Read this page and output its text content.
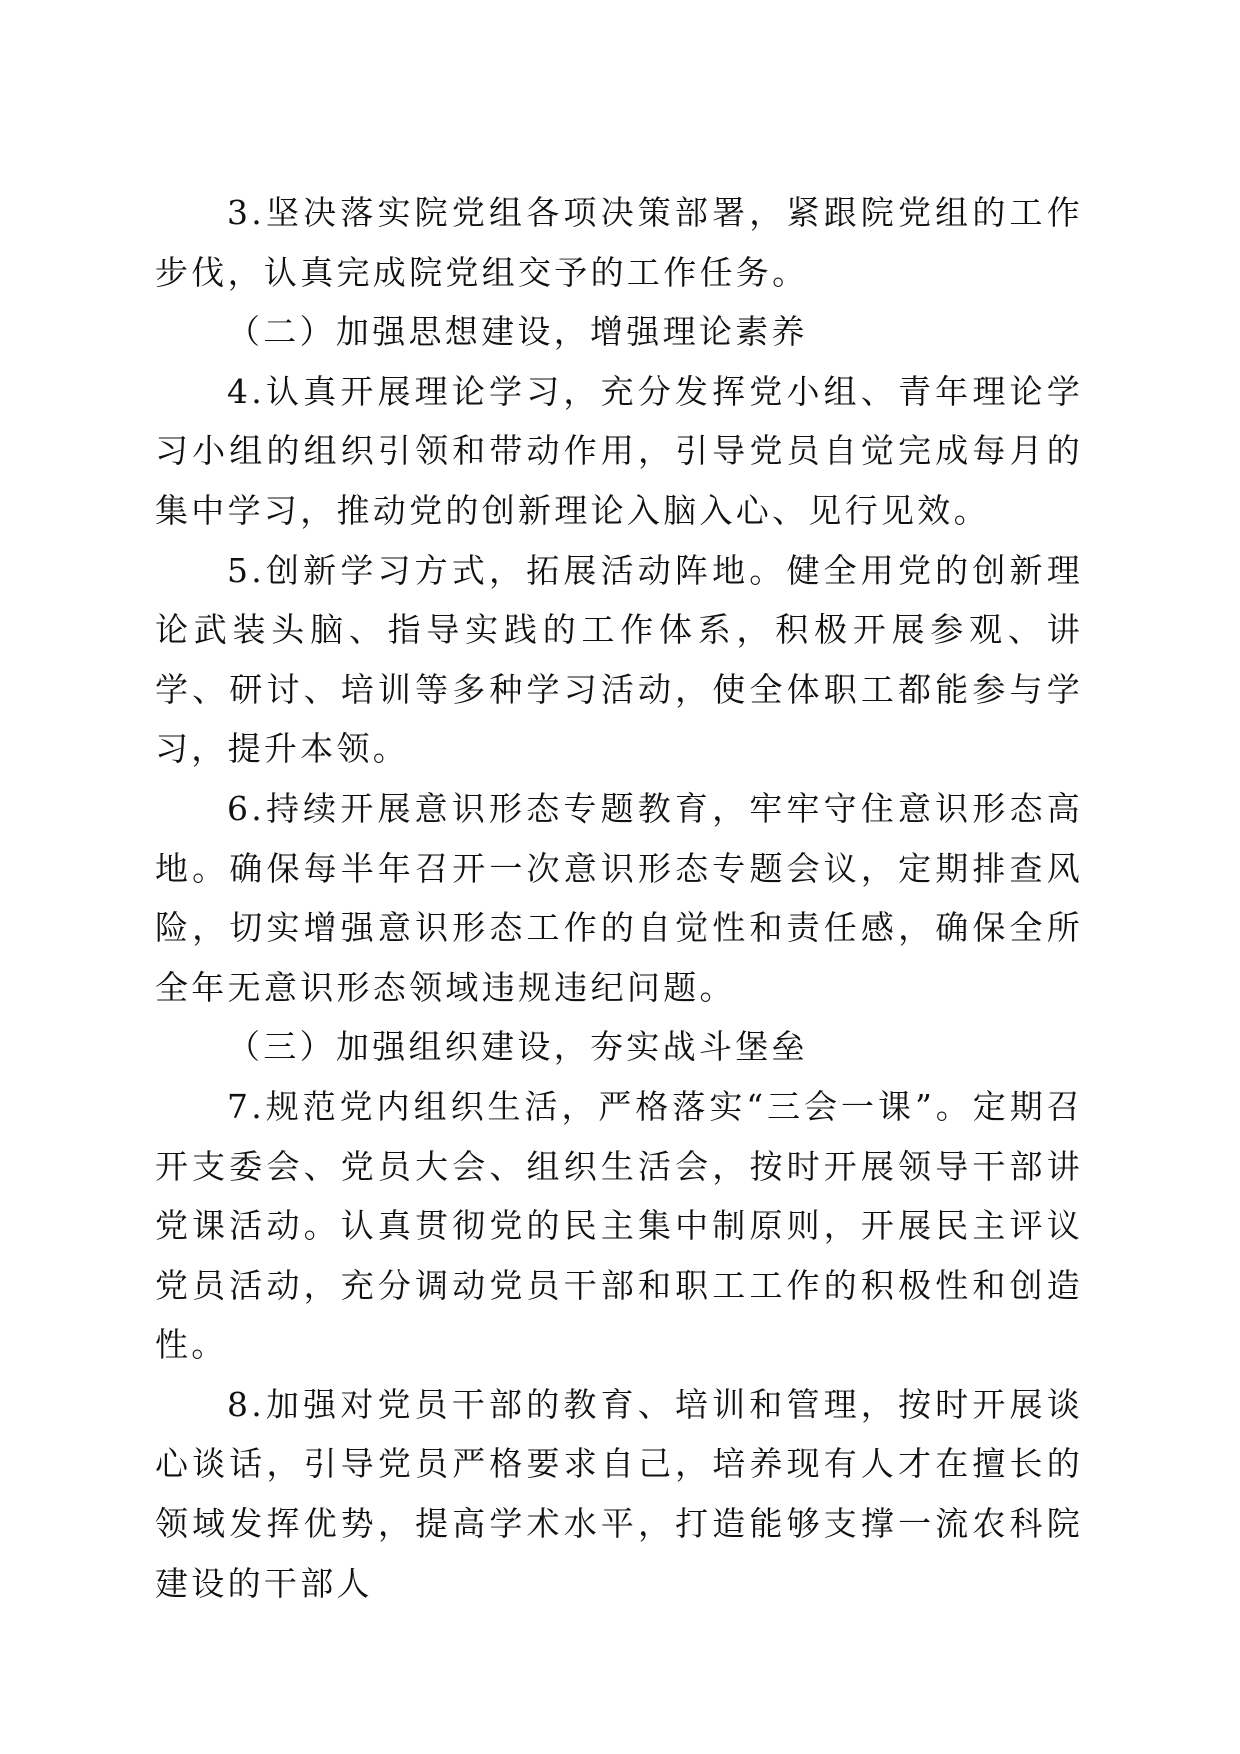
3.坚决落实院党组各项决策部署，紧跟院党组的工作步伐，认真完成院党组交予的工作任务。

（二）加强思想建设，增强理论素养

4.认真开展理论学习，充分发挥党小组、青年理论学习小组的组织引领和带动作用，引导党员自觉完成每月的集中学习，推动党的创新理论入脑入心、见行见效。

5.创新学习方式，拓展活动阵地。健全用党的创新理论武装头脑、指导实践的工作体系，积极开展参观、讲学、研讨、培训等多种学习活动，使全体职工都能参与学习，提升本领。

6.持续开展意识形态专题教育，牢牢守住意识形态高地。确保每半年召开一次意识形态专题会议，定期排查风险，切实增强意识形态工作的自觉性和责任感，确保全所全年无意识形态领域违规违纪问题。

（三）加强组织建设，夯实战斗堡垒

7.规范党内组织生活，严格落实“三会一课”。定期召开支委会、党员大会、组织生活会，按时开展领导干部讲党课活动。认真贯彻党的民主集中制原则，开展民主评议党员活动，充分调动党员干部和职工工作的积极性和创造性。

8.加强对党员干部的教育、培训和管理，按时开展谈心谈话，引导党员严格要求自己，培养现有人才在擅长的领域发挥优势，提高学术水平，打造能够支撑一流农科院建设的干部人
